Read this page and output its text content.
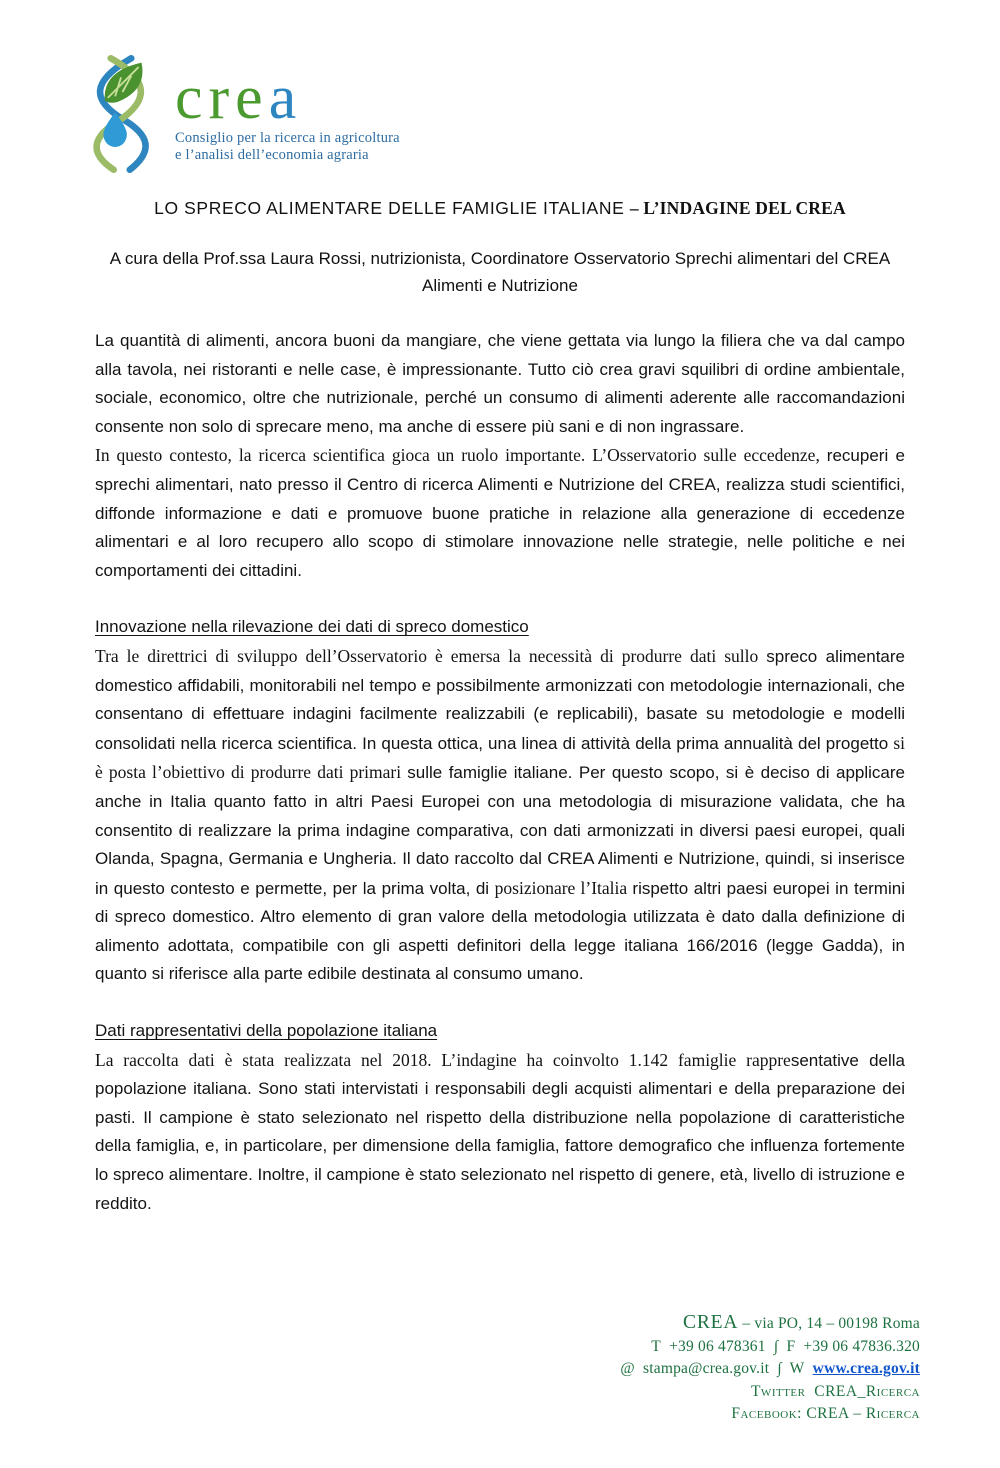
crea
Consiglio per la ricerca in agricoltura
e l’analisi dell’economia agraria
LO SPRECO ALIMENTARE DELLE FAMIGLIE ITALIANE – L’INDAGINE DEL CREA
A cura della Prof.ssa Laura Rossi, nutrizionista, Coordinatore Osservatorio Sprechi alimentari del CREA Alimenti e Nutrizione

La quantità di alimenti, ancora buoni da mangiare, che viene gettata via lungo la filiera che va dal campo alla tavola, nei ristoranti e nelle case, è impressionante. Tutto ciò crea gravi squilibri di ordine ambientale, sociale, economico, oltre che nutrizionale, perché un consumo di alimenti aderente alle raccomandazioni consente non solo di sprecare meno, ma anche di essere più sani e di non ingrassare.

In questo contesto, la ricerca scientifica gioca un ruolo importante. L’Osservatorio sulle eccedenze, recuperi e sprechi alimentari, nato presso il Centro di ricerca Alimenti e Nutrizione del CREA, realizza studi scientifici, diffonde informazione e dati e promuove buone pratiche in relazione alla generazione di eccedenze alimentari e al loro recupero allo scopo di stimolare innovazione nelle strategie, nelle politiche e nei comportamenti dei cittadini.

Innovazione nella rilevazione dei dati di spreco domestico

Tra le direttrici di sviluppo dell’Osservatorio è emersa la necessità di produrre dati sullo spreco alimentare domestico affidabili, monitorabili nel tempo e possibilmente armonizzati con metodologie internazionali, che consentano di effettuare indagini facilmente realizzabili (e replicabili), basate su metodologie e modelli consolidati nella ricerca scientifica. In questa ottica, una linea di attività della prima annualità del progetto si è posta l’obiettivo di produrre dati primari sulle famiglie italiane. Per questo scopo, si è deciso di applicare anche in Italia quanto fatto in altri Paesi Europei con una metodologia di misurazione validata, che ha consentito di realizzare la prima indagine comparativa, con dati armonizzati in diversi paesi europei, quali Olanda, Spagna, Germania e Ungheria. Il dato raccolto dal CREA Alimenti e Nutrizione, quindi, si inserisce in questo contesto e permette, per la prima volta, di posizionare l’Italia rispetto altri paesi europei in termini di spreco domestico. Altro elemento di gran valore della metodologia utilizzata è dato dalla definizione di alimento adottata, compatibile con gli aspetti definitori della legge italiana 166/2016 (legge Gadda), in quanto si riferisce alla parte edibile destinata al consumo umano.

Dati rappresentativi della popolazione italiana

La raccolta dati è stata realizzata nel 2018. L’indagine ha coinvolto 1.142 famiglie rappresentative della popolazione italiana. Sono stati intervistati i responsabili degli acquisti alimentari e della preparazione dei pasti. Il campione è stato selezionato nel rispetto della distribuzione nella popolazione di caratteristiche della famiglia, e, in particolare, per dimensione della famiglia, fattore demografico che influenza fortemente lo spreco alimentare. Inoltre, il campione è stato selezionato nel rispetto di genere, età, livello di istruzione e reddito.

CREA – via PO, 14 – 00198 Roma
T  +39 06 478361  ∫  F  +39 06 47836.320
@  stampa@crea.gov.it  ∫  W  www.crea.gov.it
Twitter  CREA_Ricerca
Facebook: CREA – Ricerca
